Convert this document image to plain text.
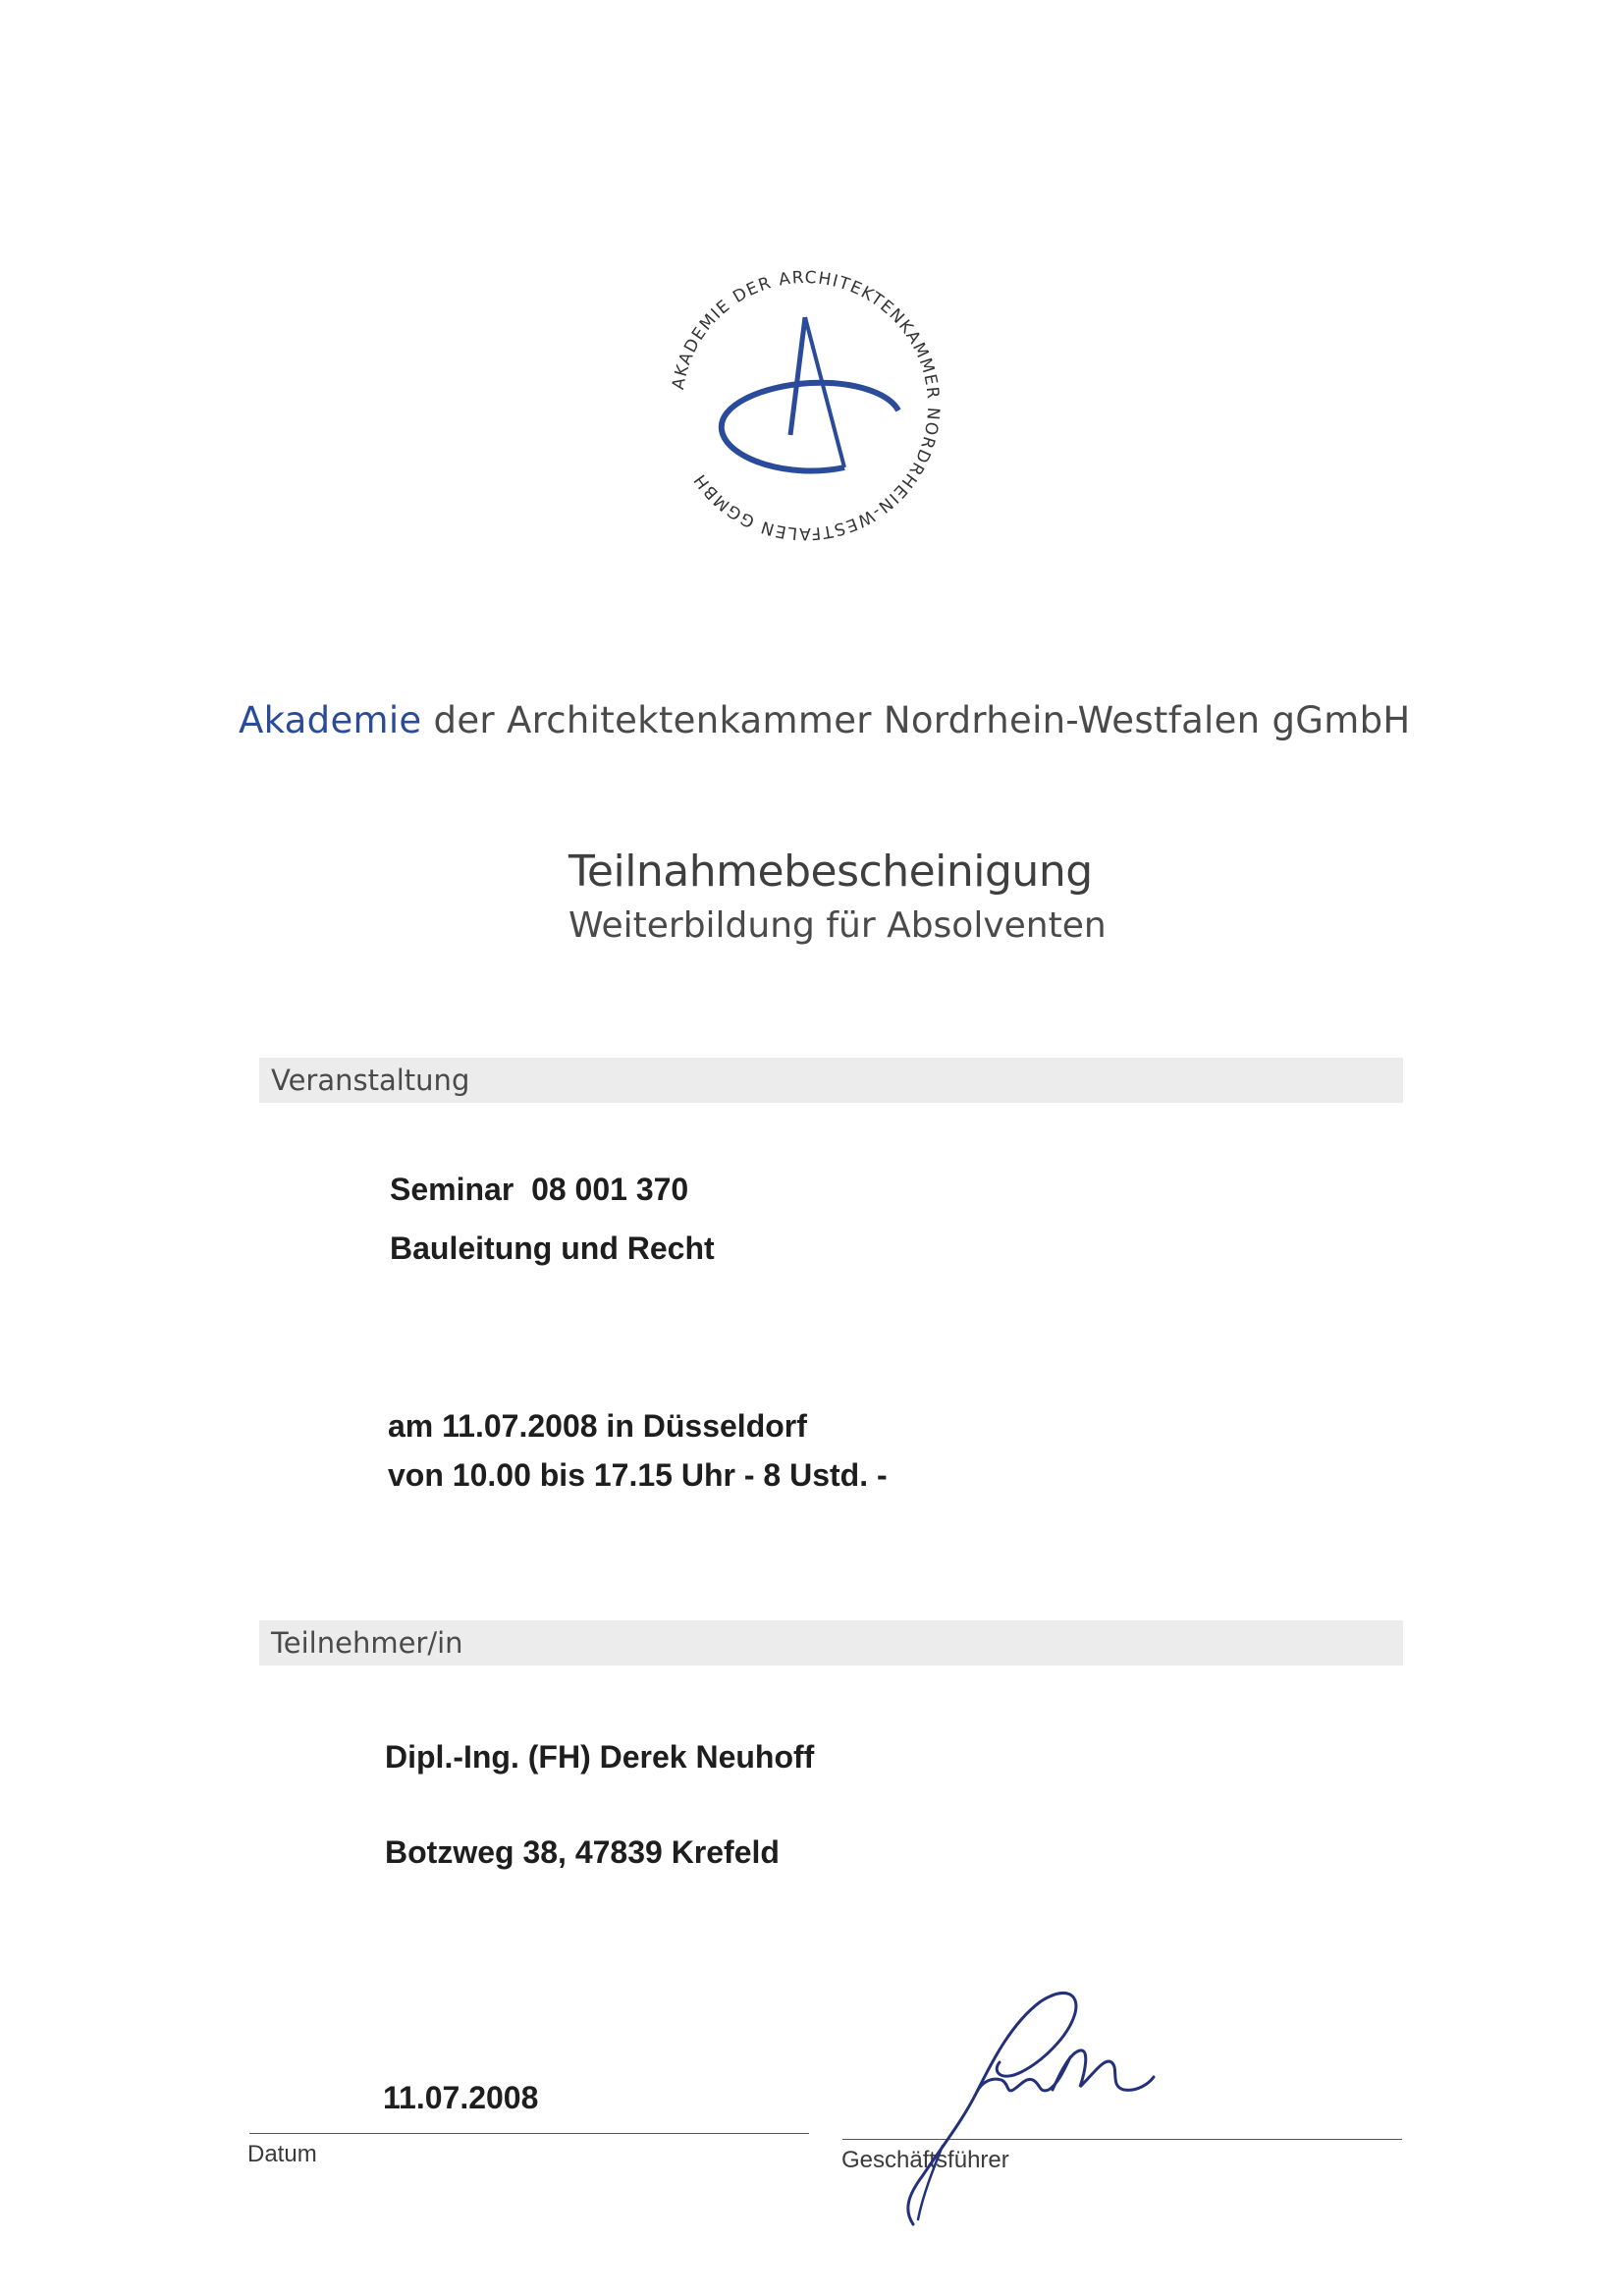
AKADEMIE DER ARCHITEKTENKAMMER NORDRHEIN-WESTFALEN GGMBH
Akademie der Architektenkammer Nordrhein-Westfalen gGmbH
Teilnahmebescheinigung
Weiterbildung für Absolventen
Veranstaltung
Seminar  08 001 370
Bauleitung und Recht
am 11.07.2008 in Düsseldorf
von 10.00 bis 17.15 Uhr - 8 Ustd. -
Teilnehmer/in
Dipl.-Ing. (FH) Derek Neuhoff
Botzweg 38, 47839 Krefeld
11.07.2008
Datum	Geschäftsführer
